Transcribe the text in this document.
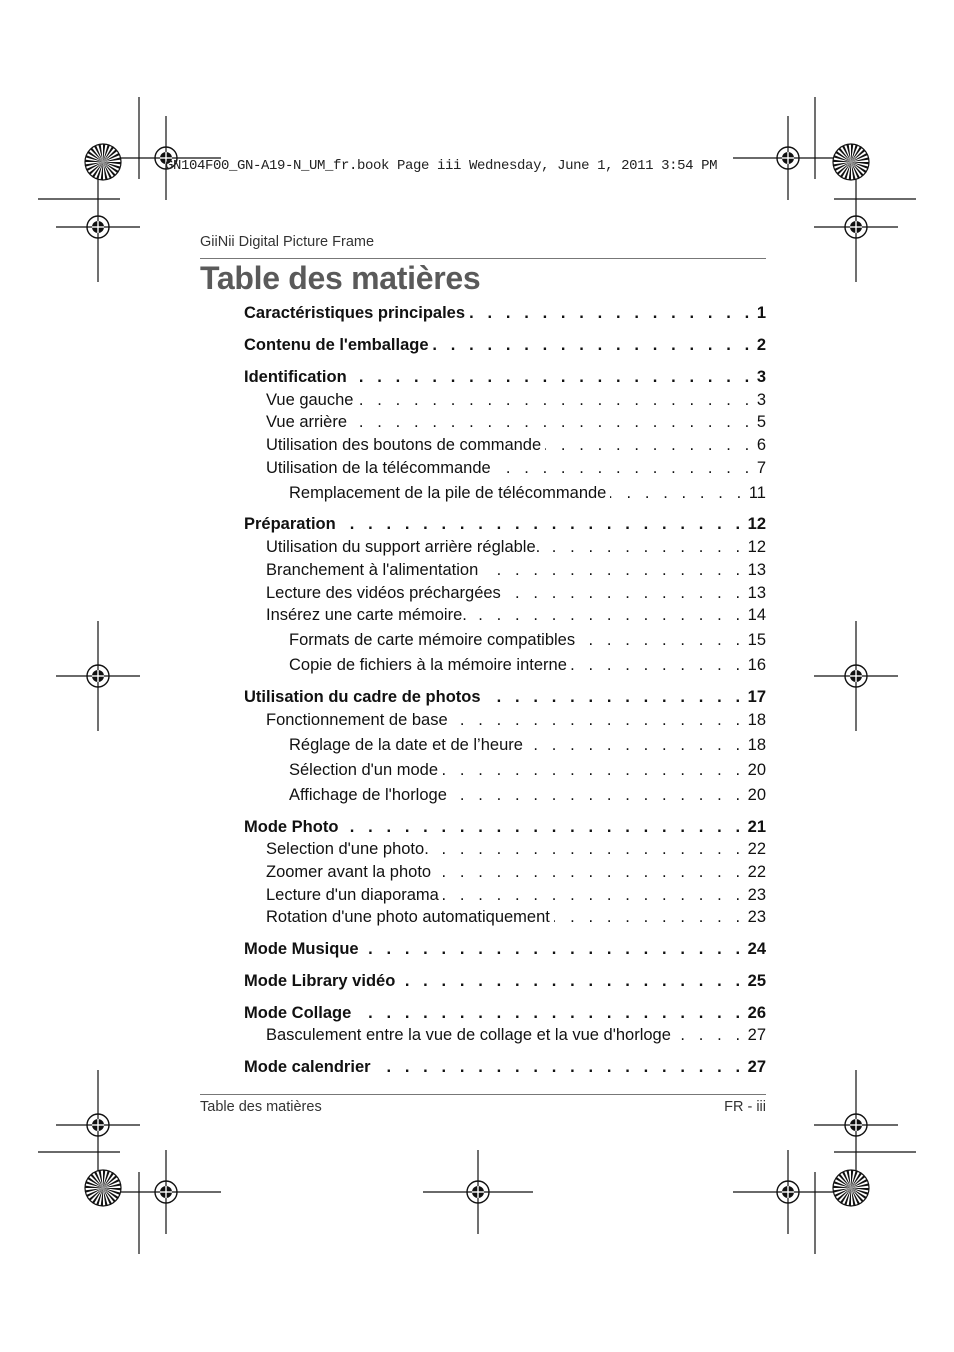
GN104F00_GN-A19-N_UM_fr.book Page iii Wednesday, June 1, 2011 3:54 PM
GiiNii Digital Picture Frame
Table des matières
Caractéristiques principales . . .	1
Contenu de l'emballage . . .	2
Identification . . .	3
Vue gauche . . .	3
Vue arrière . . .	5
Utilisation des boutons de commande . . .	6
Utilisation de la télécommande . . .	7
Remplacement de la pile de télécommande . . .	11
Préparation . . .	12
Utilisation du support arrière réglable. . . .	12
Branchement à l'alimentation . . .	13
Lecture des vidéos préchargées . . .	13
Insérez une carte mémoire. . . .	14
Formats de carte mémoire compatibles . . .	15
Copie de fichiers à la mémoire interne . . .	16
Utilisation du cadre de photos . . .	17
Fonctionnement de base . . .	18
Réglage de la date et de l’heure . . .	18
Sélection d'un mode . . .	20
Affichage de l'horloge . . .	20
Mode Photo . . .	21
Selection d'une photo. . . .	22
Zoomer avant la photo . . .	22
Lecture d'un diaporama . . .	23
Rotation d'une photo automatiquement . . .	23
Mode Musique . . .	24
Mode Library vidéo . . .	25
Mode Collage . . .	26
Basculement entre la vue de collage et la vue d'horloge . . .	27
Mode calendrier . . .	27
Table des matières	FR - iii
